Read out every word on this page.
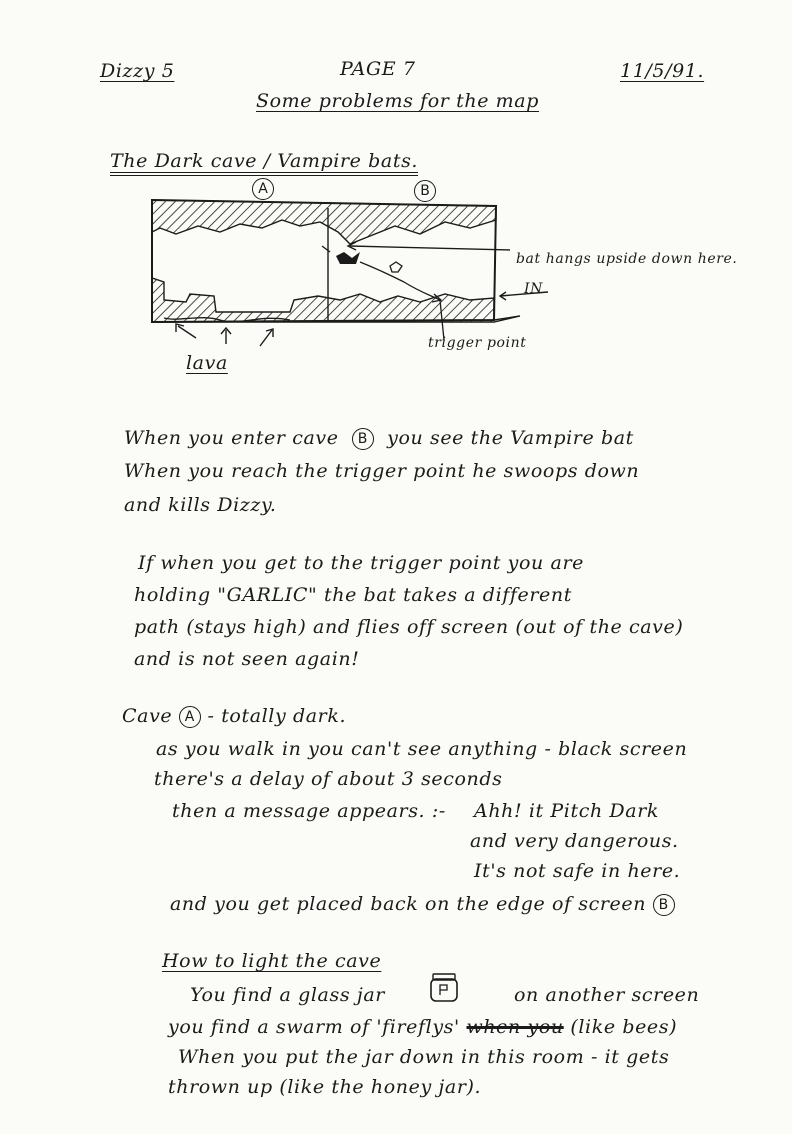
Dizzy 5	PAGE 7	11/5/91.
Some problems for the map
The Dark cave / Vampire bats.
A	B
bat hangs upside down here.
IN
trigger point
lava
When you enter cave B you see the Vampire bat
When you reach the trigger point he swoops down
and kills Dizzy.
If when you get to the trigger point you are
holding "GARLIC" the bat takes a different
path (stays high) and flies off screen (out of the cave)
and is not seen again!
Cave A - totally dark.
as you walk in you can't see anything - black screen
there's a delay of about 3 seconds
then a message appears. :- Ahh! it Pitch Dark
and very dangerous.
It's not safe in here.
and you get placed back on the edge of screen B
How to light the cave
You find a glass jar	on another screen
you find a swarm of 'fireflys' when you (like bees)
When you put the jar down in this room - it gets
thrown up (like the honey jar).
